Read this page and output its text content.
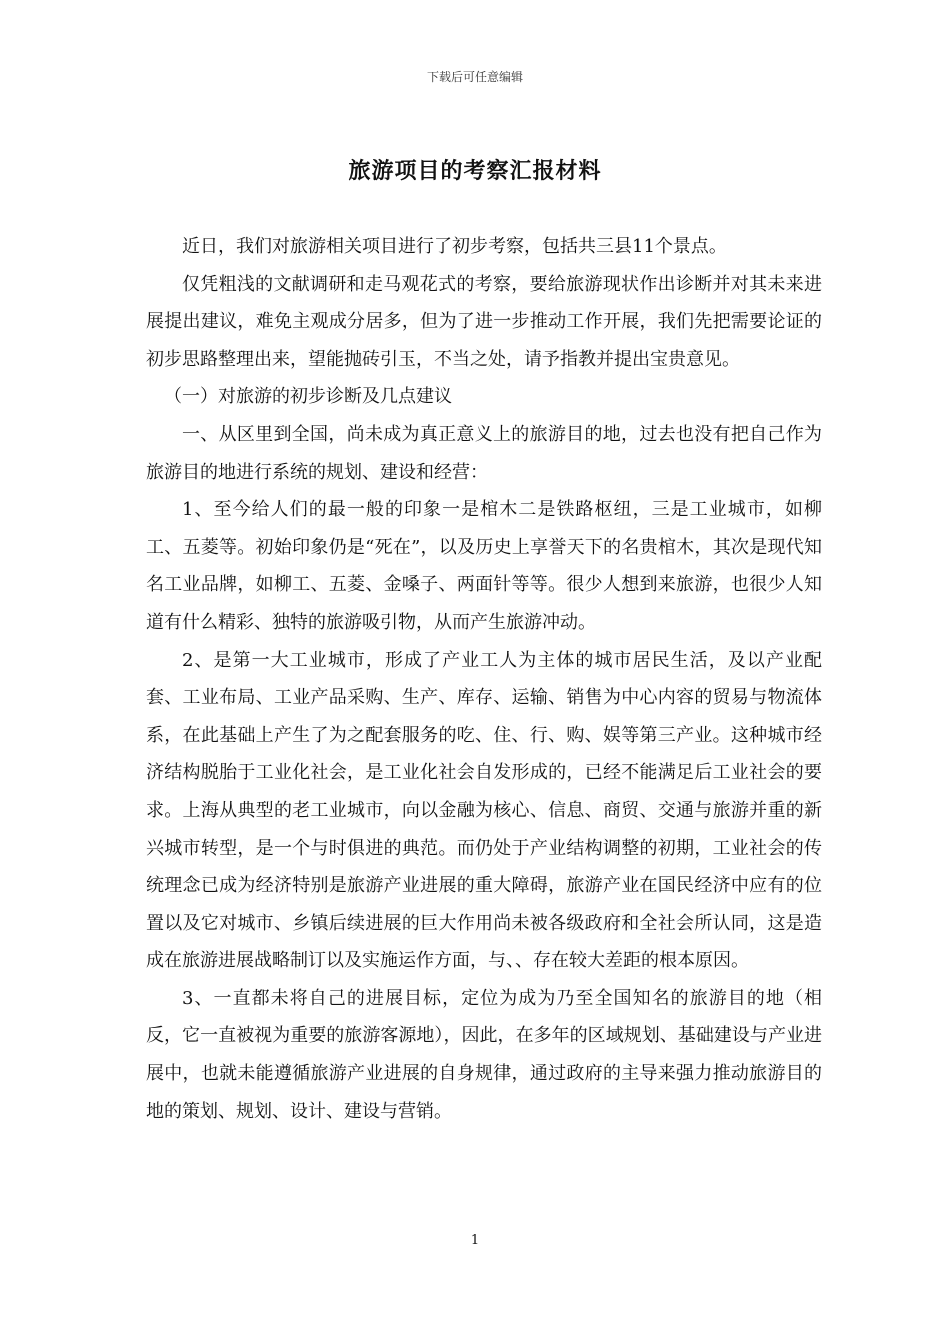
下载后可任意编辑
旅游项目的考察汇报材料

近日，我们对旅游相关项目进行了初步考察，包括共三县11个景点。

仅凭粗浅的文献调研和走马观花式的考察，要给旅游现状作出诊断并对其未来进展提出建议，难免主观成分居多，但为了进一步推动工作开展，我们先把需要论证的初步思路整理出来，望能抛砖引玉，不当之处，请予指教并提出宝贵意见。

（一）对旅游的初步诊断及几点建议

一、从区里到全国，尚未成为真正意义上的旅游目的地，过去也没有把自己作为旅游目的地进行系统的规划、建设和经营：

1、至今给人们的最一般的印象一是棺木二是铁路枢纽，三是工业城市，如柳工、五菱等。初始印象仍是“死在”，以及历史上享誉天下的名贵棺木，其次是现代知名工业品牌，如柳工、五菱、金嗓子、两面针等等。很少人想到来旅游，也很少人知道有什么精彩、独特的旅游吸引物，从而产生旅游冲动。

2、是第一大工业城市，形成了产业工人为主体的城市居民生活，及以产业配套、工业布局、工业产品采购、生产、库存、运输、销售为中心内容的贸易与物流体系，在此基础上产生了为之配套服务的吃、住、行、购、娱等第三产业。这种城市经济结构脱胎于工业化社会，是工业化社会自发形成的，已经不能满足后工业社会的要求。上海从典型的老工业城市，向以金融为核心、信息、商贸、交通与旅游并重的新兴城市转型，是一个与时俱进的典范。而仍处于产业结构调整的初期，工业社会的传统理念已成为经济特别是旅游产业进展的重大障碍，旅游产业在国民经济中应有的位置以及它对城市、乡镇后续进展的巨大作用尚未被各级政府和全社会所认同，这是造成在旅游进展战略制订以及实施运作方面，与、、存在较大差距的根本原因。

3、一直都未将自己的进展目标，定位为成为乃至全国知名的旅游目的地（相反，它一直被视为重要的旅游客源地），因此，在多年的区域规划、基础建设与产业进展中，也就未能遵循旅游产业进展的自身规律，通过政府的主导来强力推动旅游目的地的策划、规划、设计、建设与营销。

1
